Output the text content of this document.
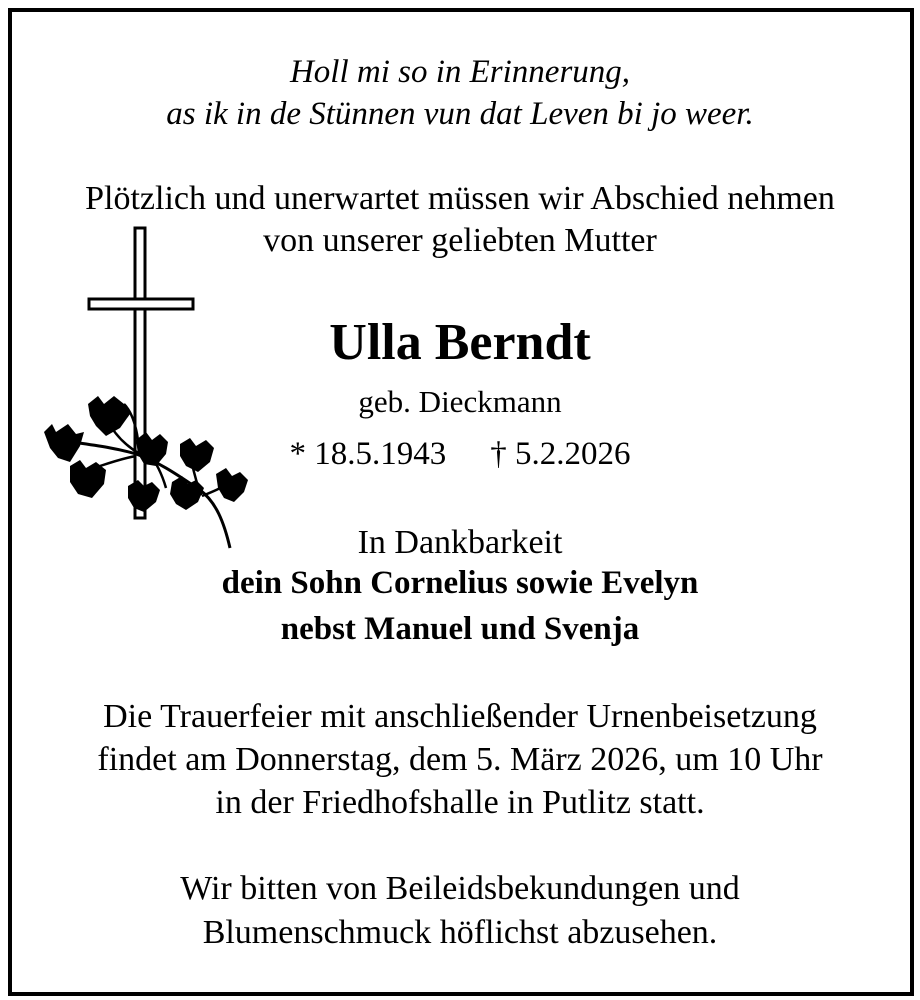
Holl mi so in Erinnerung,
as ik in de Stünnen vun dat Leven bi jo weer.
Plötzlich und unerwartet müssen wir Abschied nehmen
von unserer geliebten Mutter
Ulla Berndt
geb. Dieckmann
* 18.5.1943 † 5.2.2026
In Dankbarkeit
dein Sohn Cornelius sowie Evelyn
nebst Manuel und Svenja
Die Trauerfeier mit anschließender Urnenbeisetzung
findet am Donnerstag, dem 5. März 2026, um 10 Uhr
in der Friedhofshalle in Putlitz statt.
Wir bitten von Beileidsbekundungen und
Blumenschmuck höflichst abzusehen.
